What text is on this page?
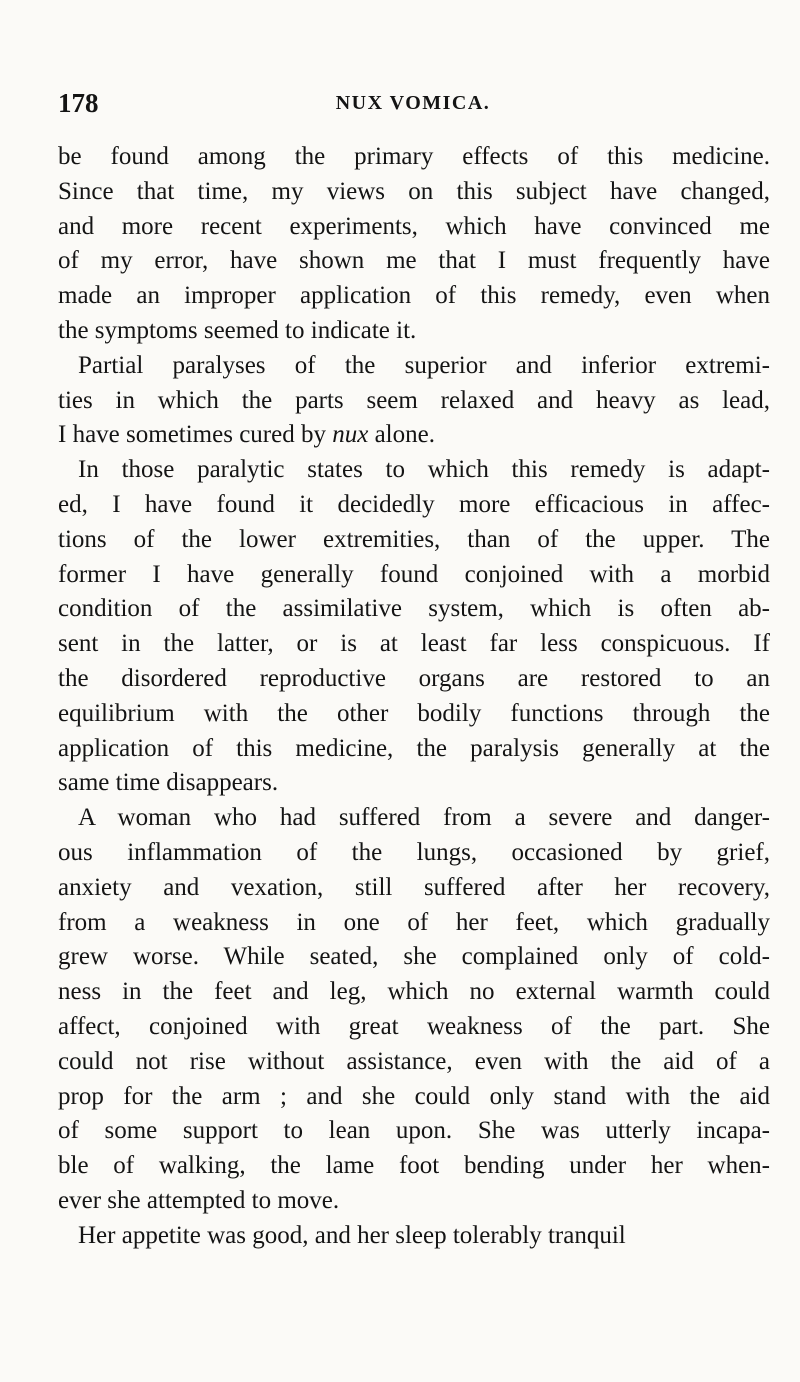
178	NUX VOMICA.
be found among the primary effects of this medicine.
Since that time, my views on this subject have changed,
and more recent experiments, which have convinced me
of my error, have shown me that I must frequently have
made an improper application of this remedy, even when
the symptoms seemed to indicate it.
Partial paralyses of the superior and inferior extremi-
ties in which the parts seem relaxed and heavy as lead,
I have sometimes cured by nux alone.
In those paralytic states to which this remedy is adapt-
ed, I have found it decidedly more efficacious in affec-
tions of the lower extremities, than of the upper. The
former I have generally found conjoined with a morbid
condition of the assimilative system, which is often ab-
sent in the latter, or is at least far less conspicuous. If
the disordered reproductive organs are restored to an
equilibrium with the other bodily functions through the
application of this medicine, the paralysis generally at the
same time disappears.
A woman who had suffered from a severe and danger-
ous inflammation of the lungs, occasioned by grief,
anxiety and vexation, still suffered after her recovery,
from a weakness in one of her feet, which gradually
grew worse. While seated, she complained only of cold-
ness in the feet and leg, which no external warmth could
affect, conjoined with great weakness of the part. She
could not rise without assistance, even with the aid of a
prop for the arm ; and she could only stand with the aid
of some support to lean upon. She was utterly incapa-
ble of walking, the lame foot bending under her when-
ever she attempted to move.
Her appetite was good, and her sleep tolerably tranquil
